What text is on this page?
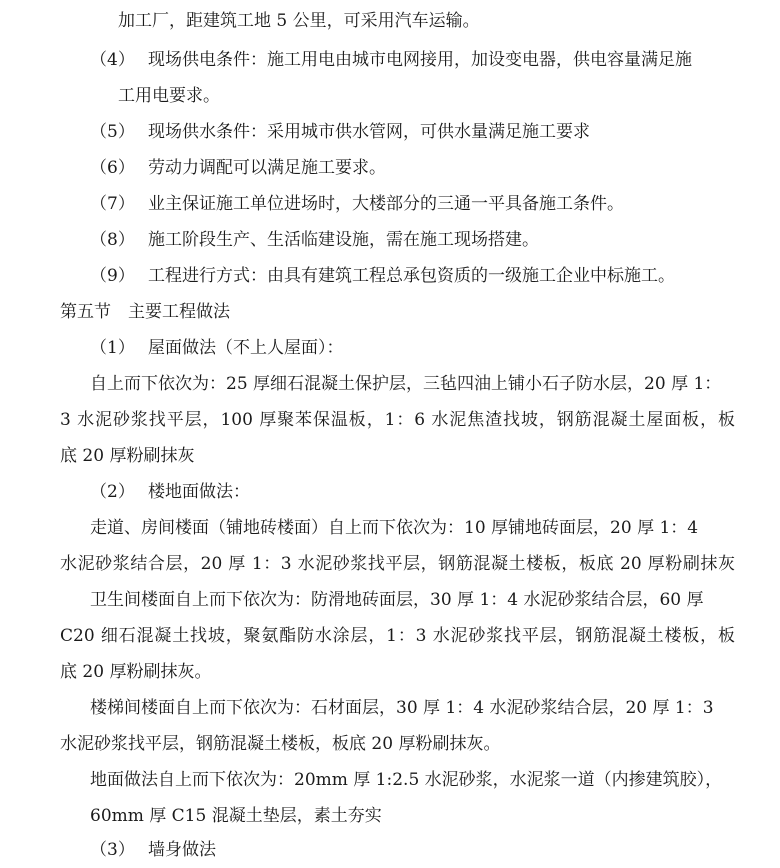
加工厂，距建筑工地 5 公里，可采用汽车运输。
（4） 现场供电条件：施工用电由城市电网接用，加设变电器，供电容量满足施
工用电要求。
（5） 现场供水条件：采用城市供水管网，可供水量满足施工要求
（6） 劳动力调配可以满足施工要求。
（7） 业主保证施工单位进场时，大楼部分的三通一平具备施工条件。
（8） 施工阶段生产、生活临建设施，需在施工现场搭建。
（9） 工程进行方式：由具有建筑工程总承包资质的一级施工企业中标施工。
第五节　主要工程做法
（1） 屋面做法（不上人屋面）：
自上而下依次为：25 厚细石混凝土保护层，三毡四油上铺小石子防水层，20 厚 1：
3 水泥砂浆找平层，100 厚聚苯保温板，1：6 水泥焦渣找坡，钢筋混凝土屋面板，板
底 20 厚粉刷抹灰
（2） 楼地面做法：
走道、房间楼面（铺地砖楼面）自上而下依次为：10 厚铺地砖面层，20 厚 1：4
水泥砂浆结合层，20 厚 1：3 水泥砂浆找平层，钢筋混凝土楼板，板底 20 厚粉刷抹灰
卫生间楼面自上而下依次为：防滑地砖面层，30 厚 1：4 水泥砂浆结合层，60 厚
C20 细石混凝土找坡，聚氨酯防水涂层，1：3 水泥砂浆找平层，钢筋混凝土楼板，板
底 20 厚粉刷抹灰。
楼梯间楼面自上而下依次为：石材面层，30 厚 1：4 水泥砂浆结合层，20 厚 1：3
水泥砂浆找平层，钢筋混凝土楼板，板底 20 厚粉刷抹灰。
地面做法自上而下依次为：20mm 厚 1:2.5 水泥砂浆，水泥浆一道（内掺建筑胶），
60mm 厚 C15 混凝土垫层，素土夯实
（3） 墙身做法
